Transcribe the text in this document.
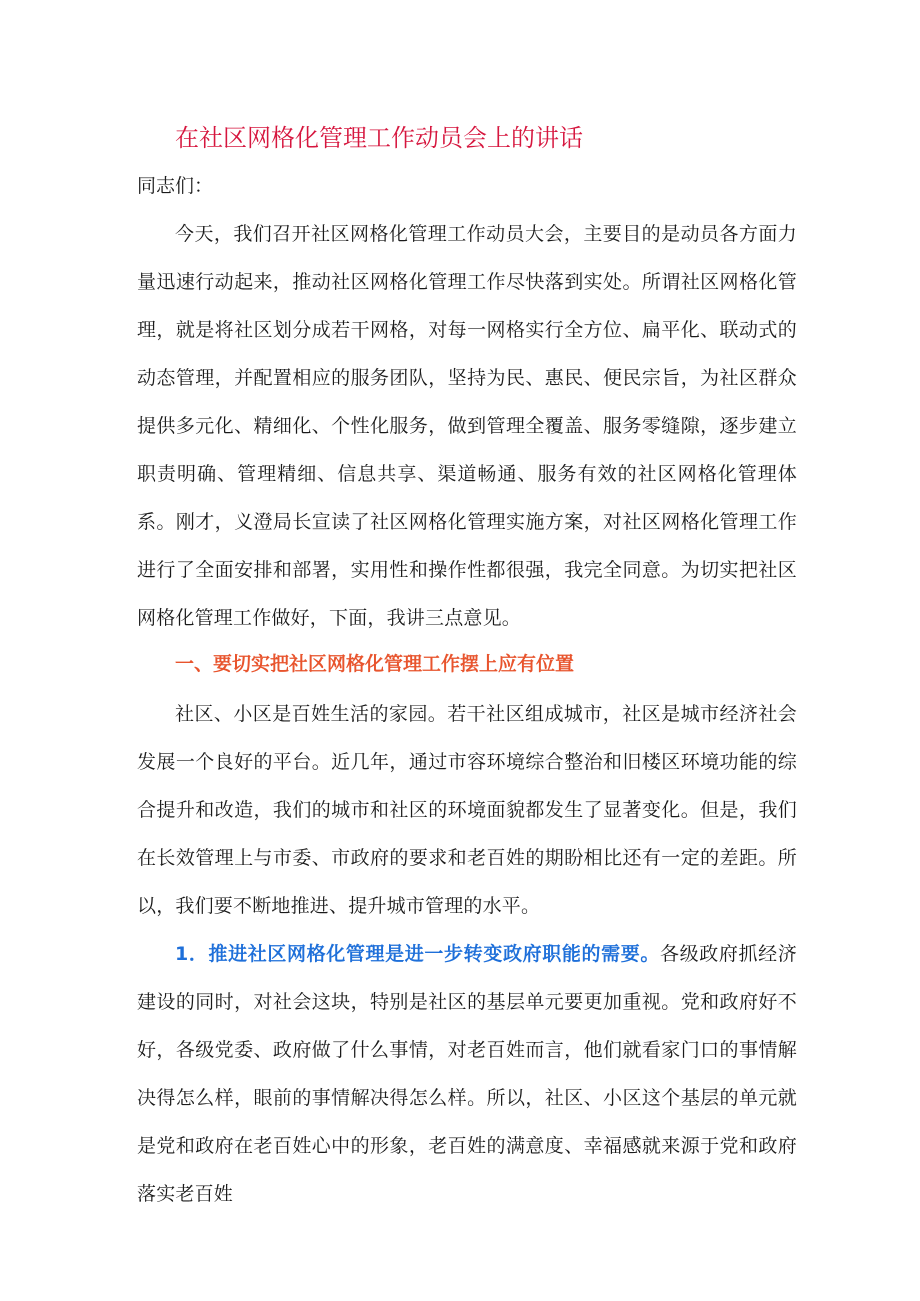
在社区网格化管理工作动员会上的讲话

同志们：

今天，我们召开社区网格化管理工作动员大会，主要目的是动员各方面力量迅速行动起来，推动社区网格化管理工作尽快落到实处。所谓社区网格化管理，就是将社区划分成若干网格，对每一网格实行全方位、扁平化、联动式的动态管理，并配置相应的服务团队，坚持为民、惠民、便民宗旨，为社区群众提供多元化、精细化、个性化服务，做到管理全覆盖、服务零缝隙，逐步建立职责明确、管理精细、信息共享、渠道畅通、服务有效的社区网格化管理体系。刚才，义澄局长宣读了社区网格化管理实施方案，对社区网格化管理工作进行了全面安排和部署，实用性和操作性都很强，我完全同意。为切实把社区网格化管理工作做好，下面，我讲三点意见。

一、要切实把社区网格化管理工作摆上应有位置

社区、小区是百姓生活的家园。若干社区组成城市，社区是城市经济社会发展一个良好的平台。近几年，通过市容环境综合整治和旧楼区环境功能的综合提升和改造，我们的城市和社区的环境面貌都发生了显著变化。但是，我们在长效管理上与市委、市政府的要求和老百姓的期盼相比还有一定的差距。所以，我们要不断地推进、提升城市管理的水平。

1．推进社区网格化管理是进一步转变政府职能的需要。各级政府抓经济建设的同时，对社会这块，特别是社区的基层单元要更加重视。党和政府好不好，各级党委、政府做了什么事情，对老百姓而言，他们就看家门口的事情解决得怎么样，眼前的事情解决得怎么样。所以，社区、小区这个基层的单元就是党和政府在老百姓心中的形象，老百姓的满意度、幸福感就来源于党和政府落实老百姓
